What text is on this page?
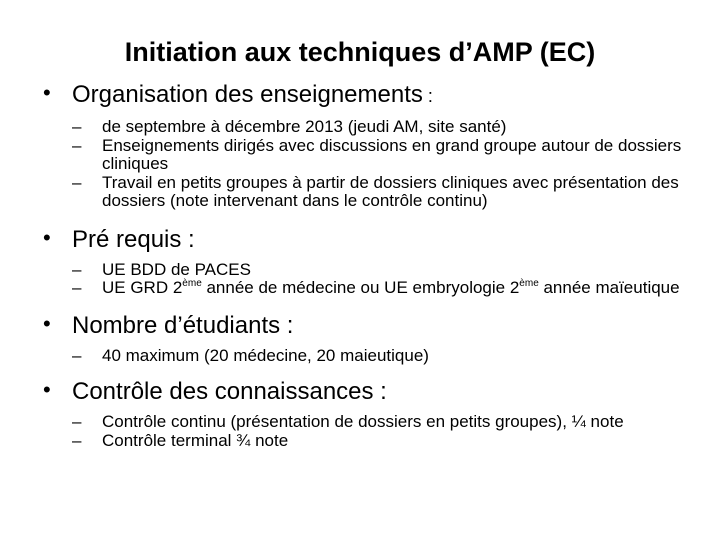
Initiation aux techniques d’AMP (EC)
• Organisation des enseignements :
– de septembre à décembre 2013 (jeudi AM, site santé)
– Enseignements dirigés avec discussions en grand groupe autour de dossiers cliniques
– Travail en petits groupes à partir de dossiers cliniques avec présentation des dossiers (note intervenant dans le contrôle continu)
• Pré requis :
– UE BDD de PACES
– UE GRD 2ème année de médecine ou UE embryologie 2ème année maïeutique
• Nombre d’étudiants :
– 40 maximum (20 médecine, 20 maieutique)
• Contrôle des connaissances :
– Contrôle continu (présentation de dossiers en petits groupes), ¼ note
– Contrôle terminal ¾ note
